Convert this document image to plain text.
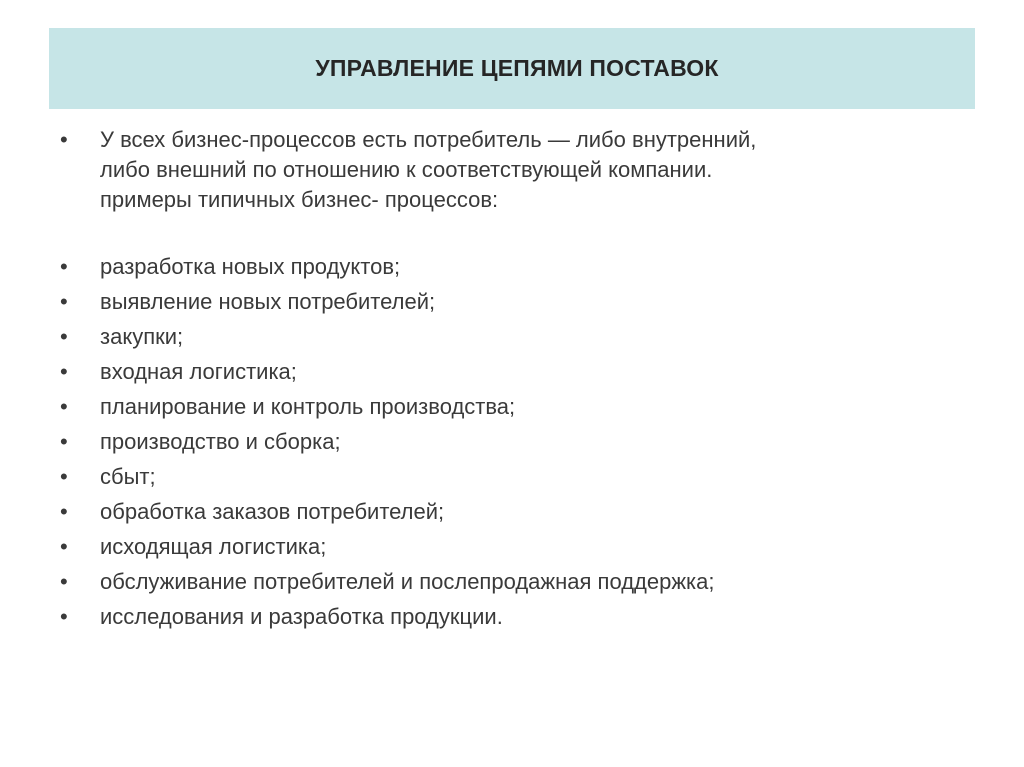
УПРАВЛЕНИЕ ЦЕПЯМИ ПОСТАВОК
•	У всех бизнес-процессов есть потребитель — либо внутренний,
либо внешний по отношению к соответствующей компании.
примеры типичных бизнес- процессов:
•	разработка новых продуктов;
•	выявление новых потребителей;
•	закупки;
•	входная логистика;
•	планирование и контроль производства;
•	производство и сборка;
•	сбыт;
•	обработка заказов потребителей;
•	исходящая логистика;
•	обслуживание потребителей и послепродажная поддержка;
•	исследования и разработка продукции.
